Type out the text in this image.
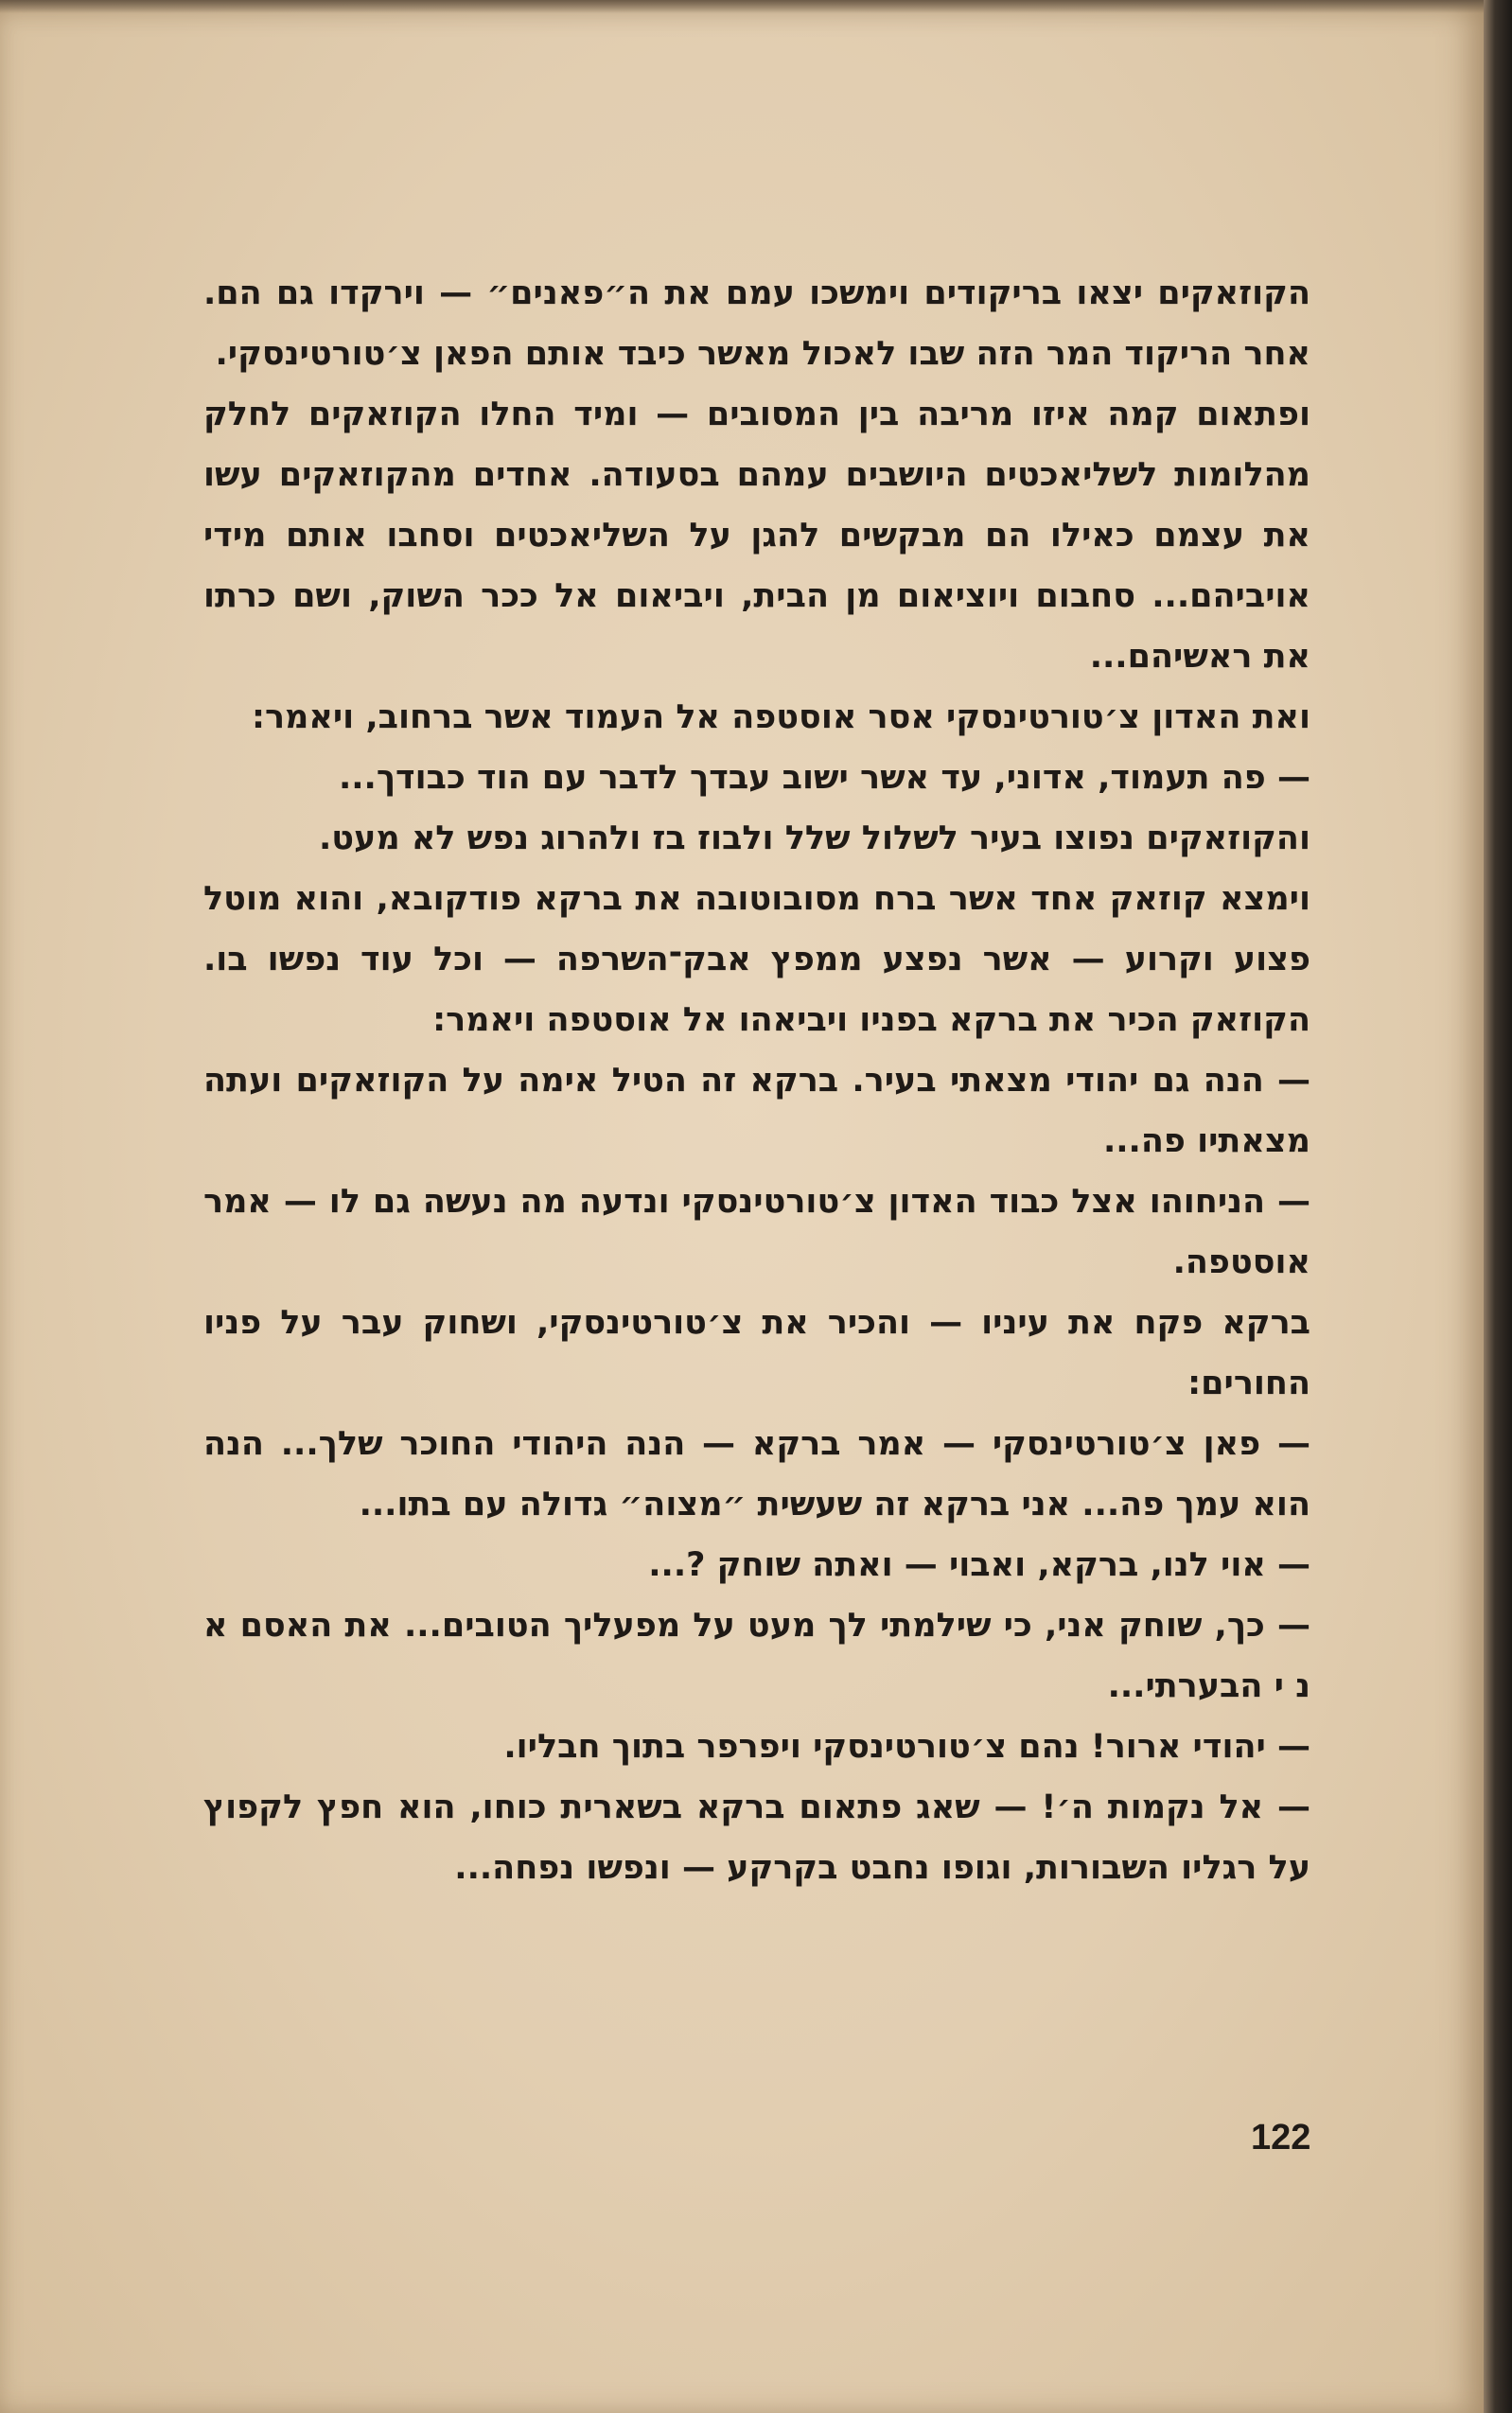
הקוזאקים יצאו בריקודים וימשכו עמם את ה״פאנים״ — וירקדו גם הם. אחר הריקוד המר הזה שבו לאכול מאשר כיבד אותם הפאן צ׳טורטינסקי.

ופתאום קמה איזו מריבה בין המסובים — ומיד החלו הקוזאקים לחלק מהלומות לשליאכטים היושבים עמהם בסעודה. אחדים מהקוזאקים עשו את עצמם כאילו הם מבקשים להגן על השליאכטים וסחבו אותם מידי אויביהם... סחבום ויוציאום מן הבית, ויביאום אל ככר השוק, ושם כרתו את ראשיהם...

ואת האדון צ׳טורטינסקי אסר אוסטפה אל העמוד אשר ברחוב, ויאמר:

— פה תעמוד, אדוני, עד אשר ישוב עבדך לדבר עם הוד כבודך...

והקוזאקים נפוצו בעיר לשלול שלל ולבוז בז ולהרוג נפש לא מעט.

וימצא קוזאק אחד אשר ברח מסובוטובה את ברקא פודקובא, והוא מוטל פצוע וקרוע — אשר נפצע ממפץ אבק־השרפה — וכל עוד נפשו בו. הקוזאק הכיר את ברקא בפניו ויביאהו אל אוסטפה ויאמר:

— הנה גם יהודי מצאתי בעיר. ברקא זה הטיל אימה על הקוזאקים ועתה מצאתיו פה...

— הניחוהו אצל כבוד האדון צ׳טורטינסקי ונדעה מה נעשה גם לו — אמר אוסטפה.

ברקא פקח את עיניו — והכיר את צ׳טורטינסקי, ושחוק עבר על פניו החורים:

— פאן צ׳טורטינסקי — אמר ברקא — הנה היהודי החוכר שלך... הנה הוא עמך פה... אני ברקא זה שעשית ״מצוה״ גדולה עם בתו...

— אוי לנו, ברקא, ואבוי — ואתה שוחק ?...

— כך, שוחק אני, כי שילמתי לך מעט על מפעליך הטובים... את האסם א נ י הבערתי...

— יהודי ארור! נהם צ׳טורטינסקי ויפרפר בתוך חבליו.

— אל נקמות ה׳! — שאג פתאום ברקא בשארית כוחו, הוא חפץ לקפוץ על רגליו השבורות, וגופו נחבט בקרקע — ונפשו נפחה...

122
